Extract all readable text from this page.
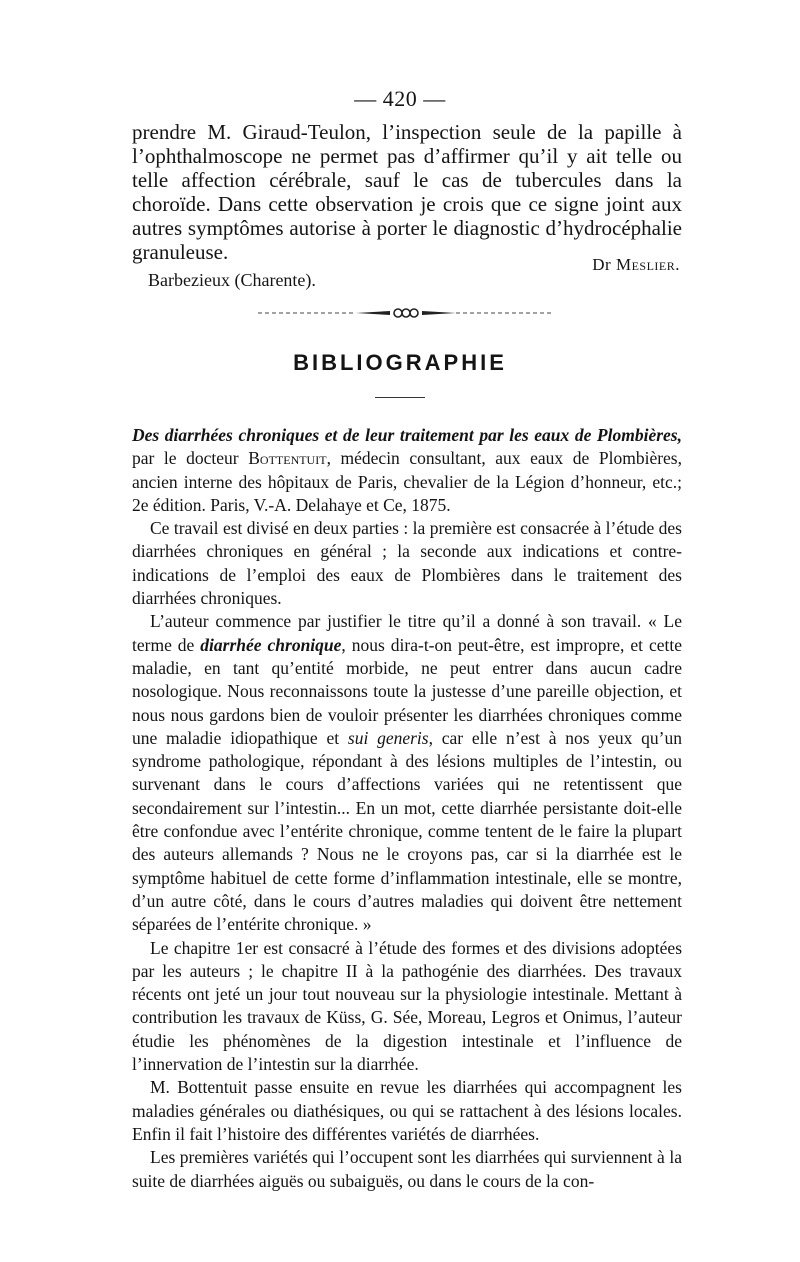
— 420 —

prendre M. Giraud-Teulon, l’inspection seule de la papille à l’ophthalmoscope ne permet pas d’affirmer qu’il y ait telle ou telle affection cérébrale, sauf le cas de tubercules dans la choroïde. Dans cette observation je crois que ce signe joint aux autres symptômes autorise à porter le diagnostic d’hydrocéphalie granuleuse.

Dr Meslier.
Barbezieux (Charente).
BIBLIOGRAPHIE

Des diarrhées chroniques et de leur traitement par les eaux de Plombières, par le docteur Bottentuit, médecin consultant, aux eaux de Plombières, ancien interne des hôpitaux de Paris, chevalier de la Légion d’honneur, etc.; 2e édition. Paris, V.-A. Delahaye et Ce, 1875.

Ce travail est divisé en deux parties : la première est consacrée à l’étude des diarrhées chroniques en général ; la seconde aux indications et contre-indications de l’emploi des eaux de Plombières dans le traitement des diarrhées chroniques.

L’auteur commence par justifier le titre qu’il a donné à son travail. « Le terme de diarrhée chronique, nous dira-t-on peut-être, est impropre, et cette maladie, en tant qu’entité morbide, ne peut entrer dans aucun cadre nosologique. Nous reconnaissons toute la justesse d’une pareille objection, et nous nous gardons bien de vouloir présenter les diarrhées chroniques comme une maladie idiopathique et sui generis, car elle n’est à nos yeux qu’un syndrome pathologique, répondant à des lésions multiples de l’intestin, ou survenant dans le cours d’affections variées qui ne retentissent que secondairement sur l’intestin... En un mot, cette diarrhée persistante doit-elle être confondue avec l’entérite chronique, comme tentent de le faire la plupart des auteurs allemands ? Nous ne le croyons pas, car si la diarrhée est le symptôme habituel de cette forme d’inflammation intestinale, elle se montre, d’un autre côté, dans le cours d’autres maladies qui doivent être nettement séparées de l’entérite chronique. »

Le chapitre 1er est consacré à l’étude des formes et des divisions adoptées par les auteurs ; le chapitre II à la pathogénie des diarrhées. Des travaux récents ont jeté un jour tout nouveau sur la physiologie intestinale. Mettant à contribution les travaux de Küss, G. Sée, Moreau, Legros et Onimus, l’auteur étudie les phénomènes de la digestion intestinale et l’influence de l’innervation de l’intestin sur la diarrhée.

M. Bottentuit passe ensuite en revue les diarrhées qui accompagnent les maladies générales ou diathésiques, ou qui se rattachent à des lésions locales. Enfin il fait l’histoire des différentes variétés de diarrhées.

Les premières variétés qui l’occupent sont les diarrhées qui surviennent à la suite de diarrhées aiguës ou subaiguës, ou dans le cours de la con-
